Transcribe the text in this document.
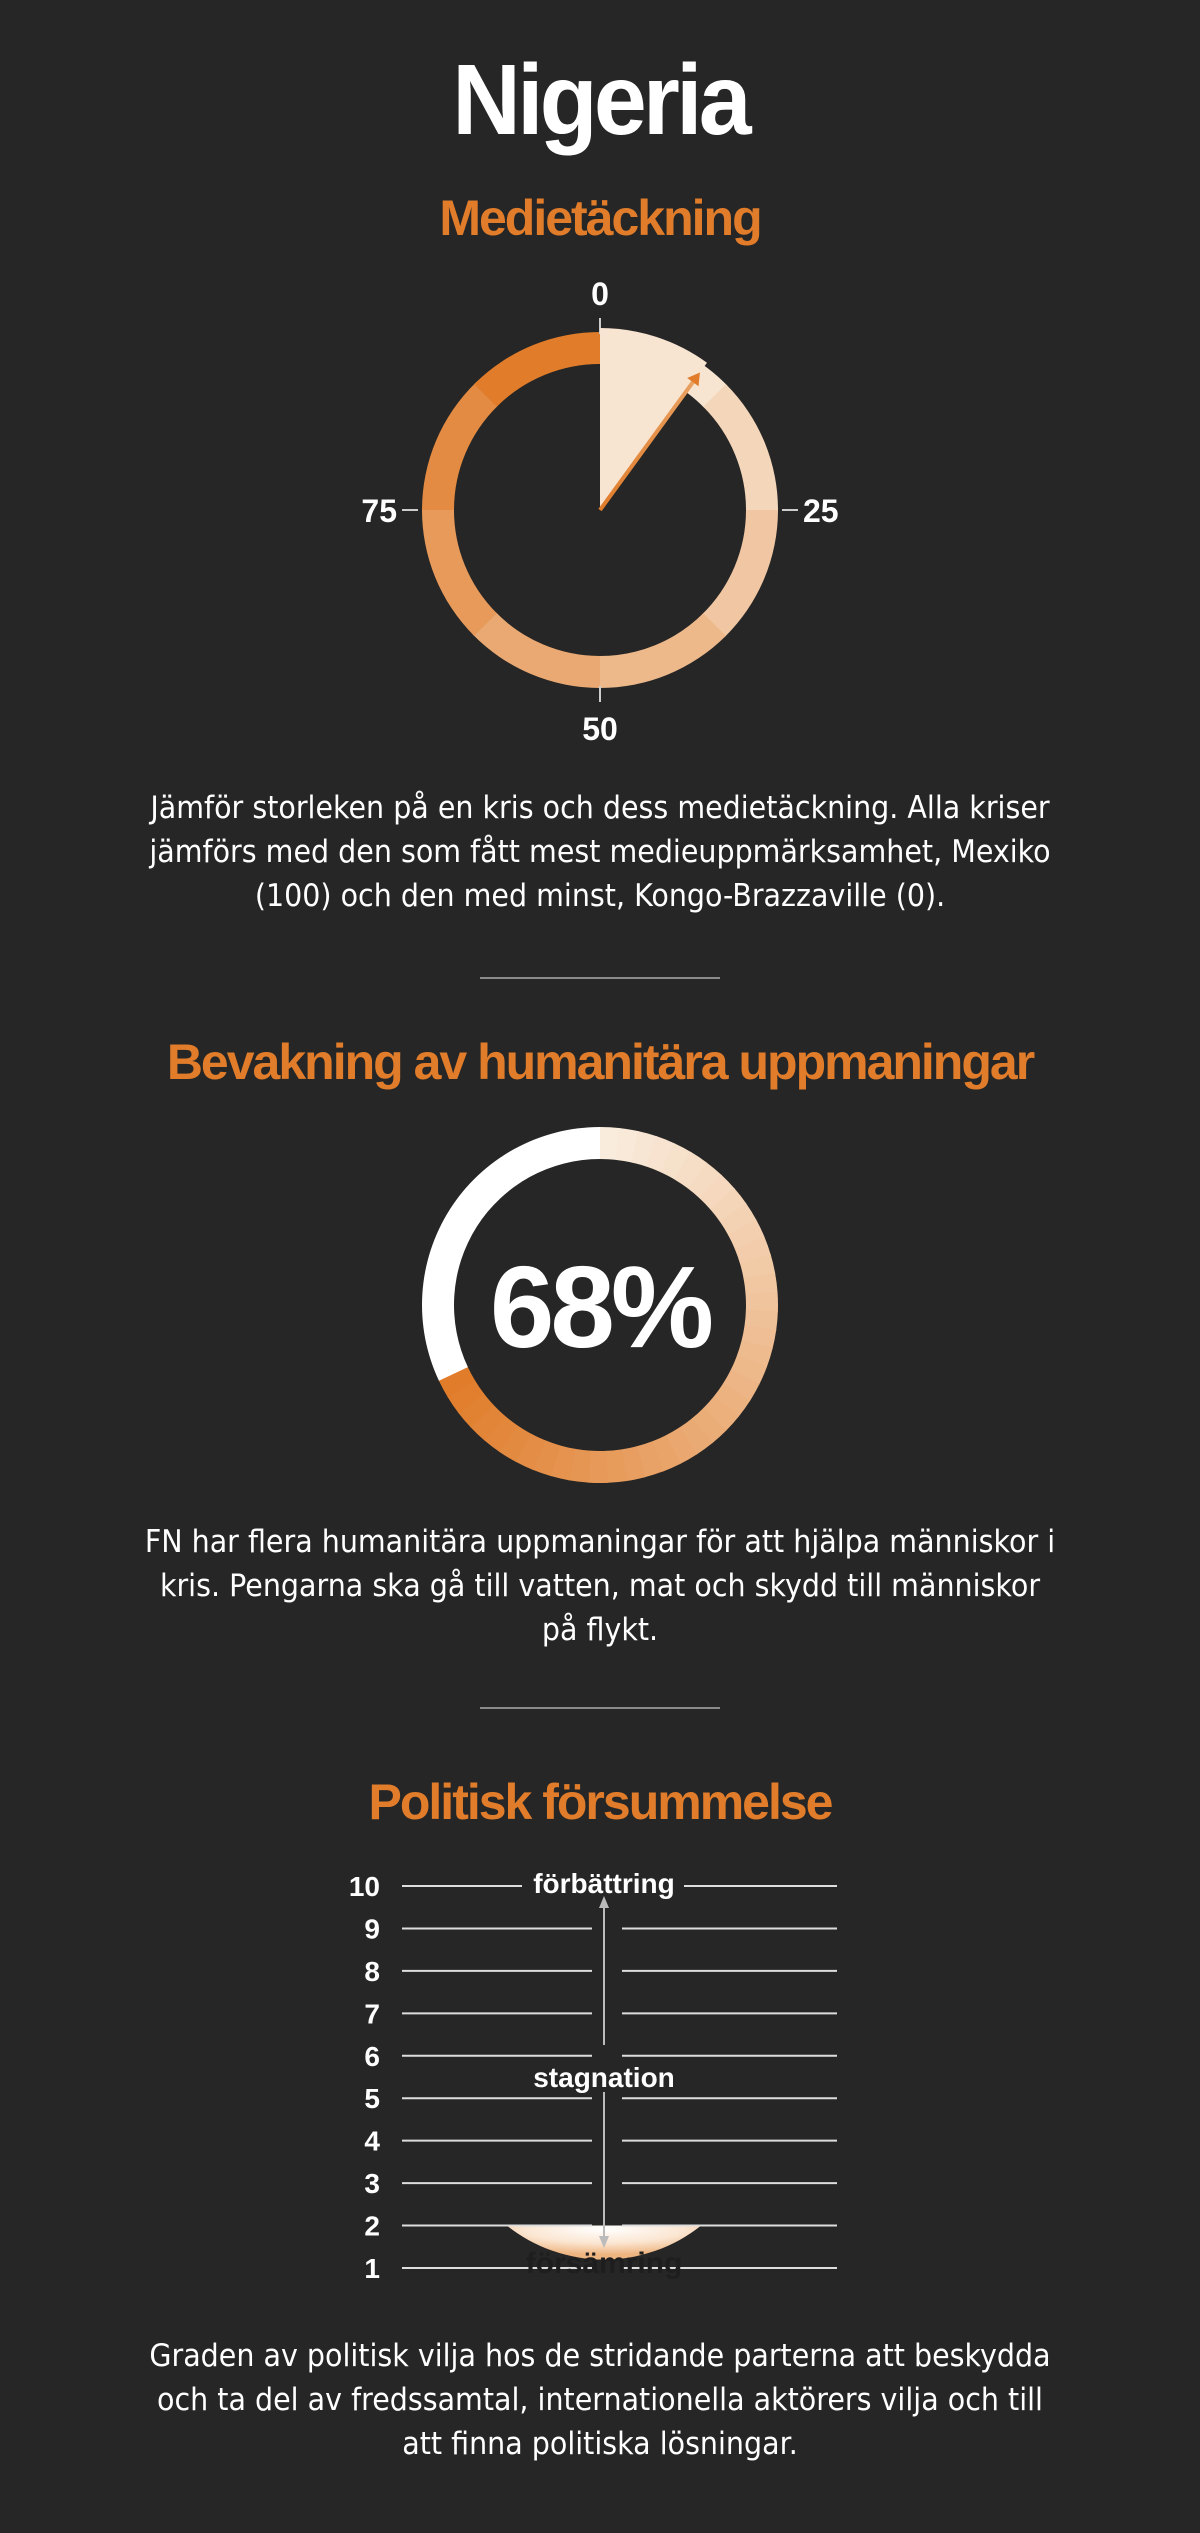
Nigeria
Medietäckning
0
25
50
75
Jämför storleken på en kris och dess medietäckning. Alla kriser jämförs med den som fått mest medieuppmärksamhet, Mexiko (100) och den med minst, Kongo-Brazzaville (0).
Bevakning av humanitära uppmaningar
68%
FN har flera humanitära uppmaningar för att hjälpa människor i kris. Pengarna ska gå till vatten, mat och skydd till människor på flykt.
Politisk försummelse
1
2
3
4
5
6
7
8
9
10	förbättring
stagnation
försämring
Graden av politisk vilja hos de stridande parterna att beskydda och ta del av fredssamtal, internationella aktörers vilja och till att finna politiska lösningar.
